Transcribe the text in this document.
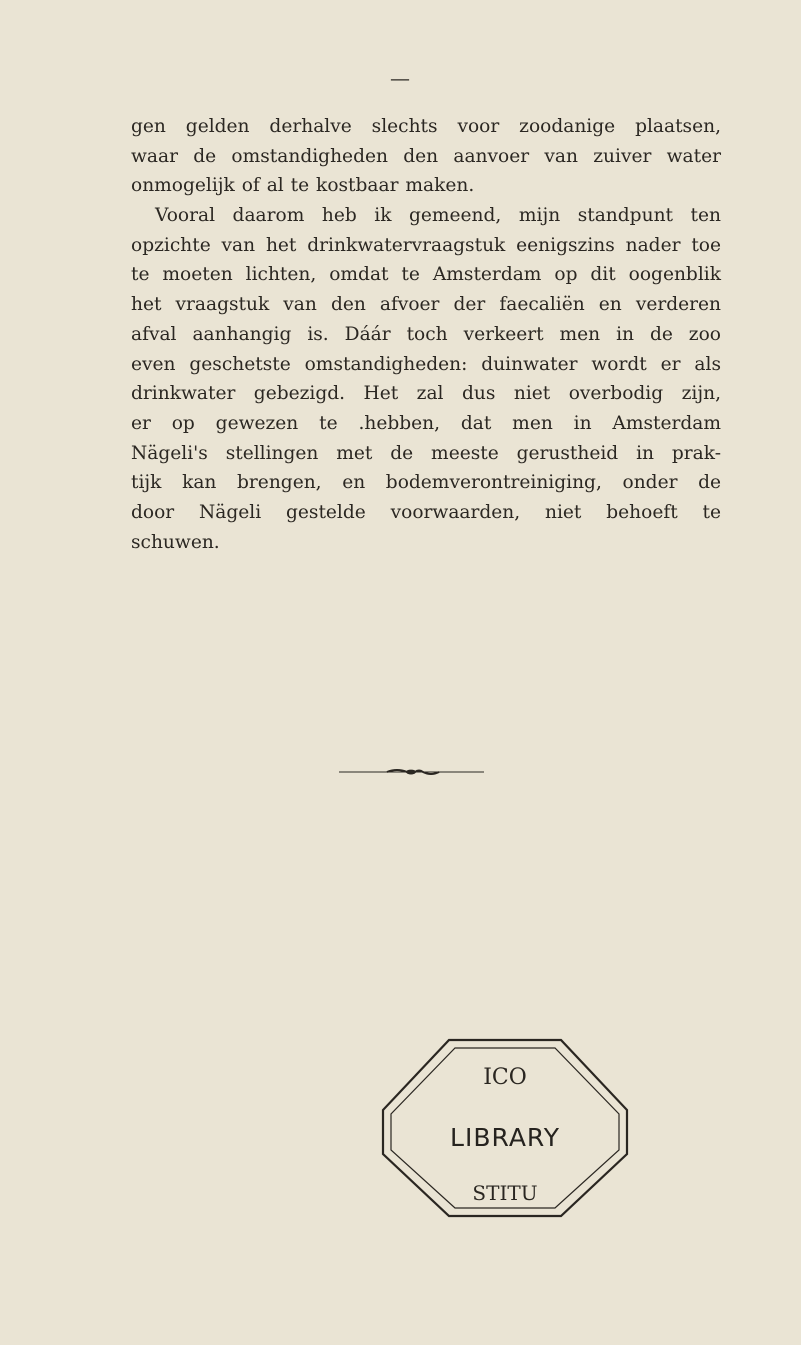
—
gen gelden derhalve slechts voor zoodanige plaatsen,
waar de omstandigheden den aanvoer van zuiver water
onmogelijk of al te kostbaar maken.
Vooral daarom heb ik gemeend, mijn standpunt ten
opzichte van het drinkwatervraagstuk eenigszins nader toe
te moeten lichten, omdat te Amsterdam op dit oogenblik
het vraagstuk van den afvoer der faecaliën en verderen
afval aanhangig is. Dáár toch verkeert men in de zoo
even geschetste omstandigheden: duinwater wordt er als
drinkwater gebezigd. Het zal dus niet overbodig zijn,
er op gewezen te .hebben, dat men in Amsterdam
Nägeli's stellingen met de meeste gerustheid in prak-
tijk kan brengen, en bodemverontreiniging, onder de
door Nägeli gestelde voorwaarden, niet behoeft te
schuwen.
ICO
STITU
LIBRARY
